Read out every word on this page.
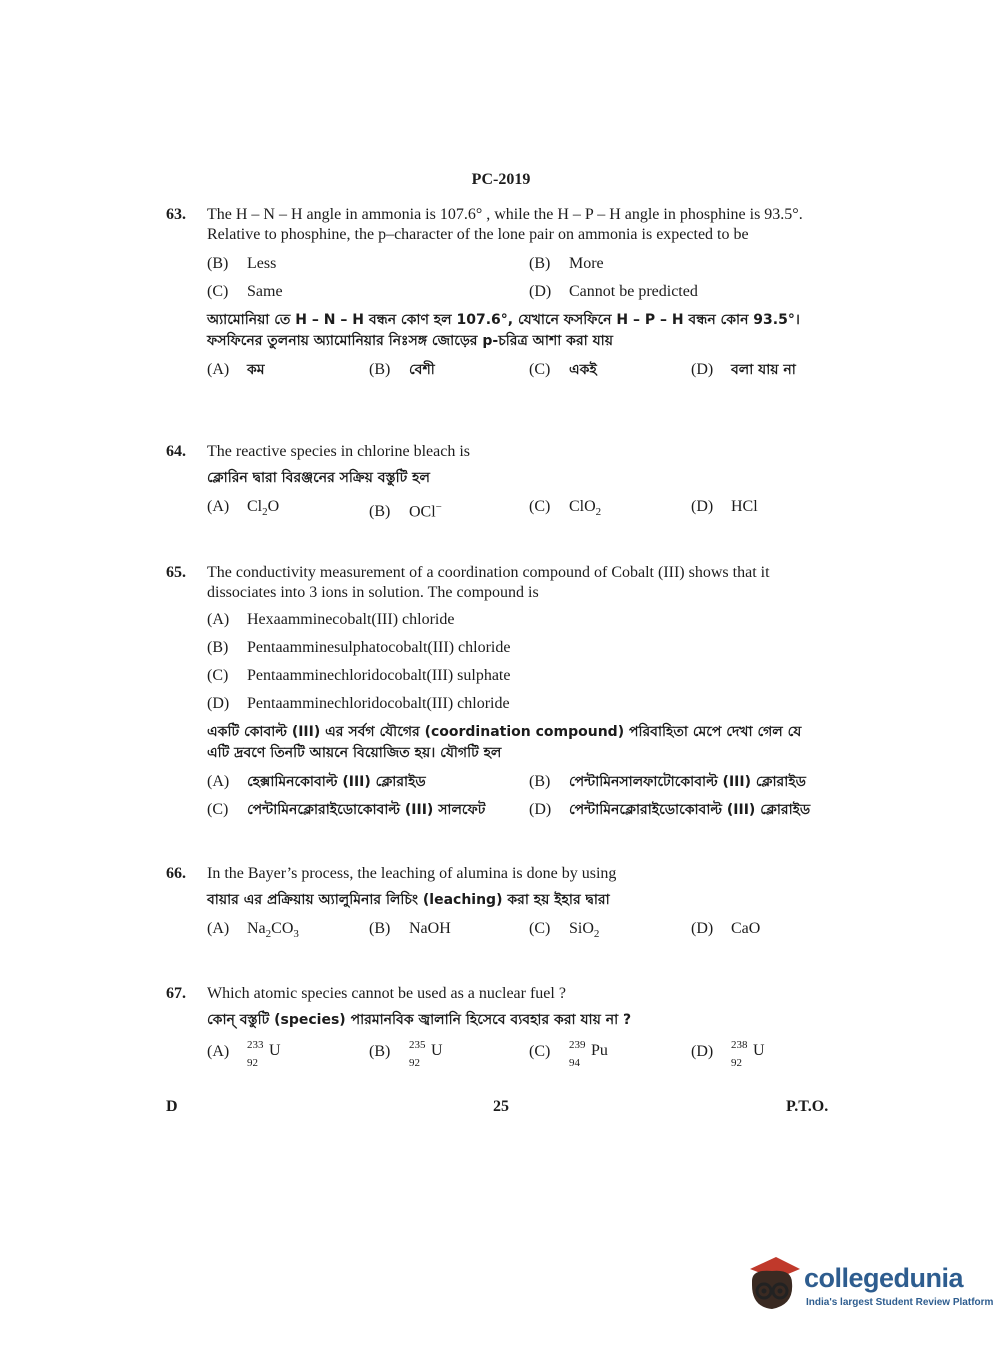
PC-2019
63. The H – N – H angle in ammonia is 107.6° , while the H – P – H angle in phosphine is 93.5°. Relative to phosphine, the p–character of the lone pair on ammonia is expected to be
(B) Less	(B) More
(C) Same	(D) Cannot be predicted
অ্যামোনিয়া তে H – N – H বন্ধন কোণ হল 107.6°, যেখানে ফসফিনে H – P – H বন্ধন কোন 93.5°। ফসফিনের তুলনায় অ্যামোনিয়ার নিঃসঙ্গ জোড়ের p-চরিত্র আশা করা যায়
(A) কম	(B) বেশী	(C) একই	(D) বলা যায় না
64. The reactive species in chlorine bleach is
ক্লোরিন দ্বারা বিরঞ্জনের সক্রিয় বস্তুটি হল
(A) $Cl_2O$	(B) OCl−	(C) ClO$_2$	(D) HCl
65. The conductivity measurement of a coordination compound of Cobalt (III) shows that it dissociates into 3 ions in solution. The compound is
(A) Hexaamminecobalt(III) chloride
(B) Pentaamminesulphatocobalt(III) chloride
(C) Pentaamminechloridocobalt(III) sulphate
(D) Pentaamminechloridocobalt(III) chloride
একটি কোবাল্ট (III) এর সর্বগ যৌগের (coordination compound) পরিবাহিতা মেপে দেখা গেল যে এটি দ্রবণে তিনটি আয়নে বিয়োজিত হয়। যৌগটি হল
(A) হেক্সামিনকোবাল্ট (III) ক্লোরাইড	(B) পেন্টামিনসালফাটোকোবাল্ট (III) ক্লোরাইড
(C) পেন্টামিনক্লোরাইডোকোবাল্ট (III) সালফেট	(D) পেন্টামিনক্লোরাইডোকোবাল্ট (III) ক্লোরাইড
66. In the Bayer’s process, the leaching of alumina is done by using
বায়ার এর প্রক্রিয়ায় অ্যালুমিনার লিচিং (leaching) করা হয় ইহার দ্বারা
(A) $Na_2CO_3$	(B) NaOH	(C) SiO$_2$	(D) CaO
67. Which atomic species cannot be used as a nuclear fuel ?
কোন্ বস্তুটি (species) পারমানবিক জ্বালানি হিসেবে ব্যবহার করা যায় না ?
(A) 233
92
U	(B) 235
92
U	(C) 239
94
Pu	(D) 238
92
U
D	25	P.T.O.
collegedunia
India's largest Student Review Platform
